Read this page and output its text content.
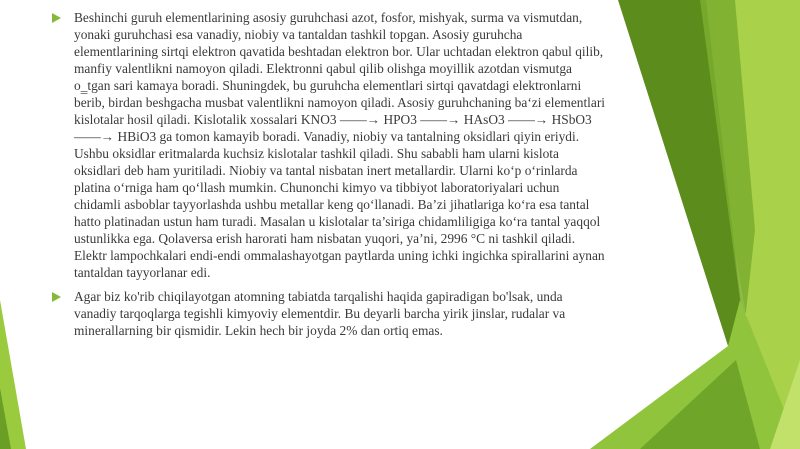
Beshinchi guruh elementlarining asosiy guruhchasi azot, fosfor, mishyak, surma va vismutdan, yonaki guruhchasi esa vanadiy, niobiy va tantaldan tashkil topgan. Asosiy guruhcha elementlarining sirtqi elektron qavatida beshtadan elektron bor. Ular uchtadan elektron qabul qilib, manfiy valentlikni namoyon qiladi. Elektronni qabul qilib olishga moyillik azotdan vismutga o‗tgan sari kamaya boradi. Shuningdek, bu guruhcha elementlari sirtqi qavatdagi elektronlarni berib, birdan beshgacha musbat valentlikni namoyon qiladi. Asosiy guruhchaning ba‘zi elementlari kislotalar hosil qiladi. Kislotalik xossalari KNO3 ——→ HPO3 ——→ HAsO3 ——→ HSbO3 ——→ HBiO3 ga tomon kamayib boradi. Vanadiy, niobiy va tantalning oksidlari qiyin eriydi. Ushbu oksidlar eritmalarda kuchsiz kislotalar tashkil qiladi. Shu sababli ham ularni kislota oksidlari deb ham yuritiladi. Niobiy va tantal nisbatan inert metallardir. Ularni ko‘p o‘rinlarda platina o‘rniga ham qo‘llash mumkin. Chunonchi kimyo va tibbiyot laboratoriyalari uchun chidamli asboblar tayyorlashda ushbu metallar keng qo‘llanadi. Ba’zi jihatlariga ko‘ra esa tantal hatto platinadan ustun ham turadi. Masalan u kislotalar ta’siriga chidamliligiga ko‘ra tantal yaqqol ustunlikka ega. Qolaversa erish harorati ham nisbatan yuqori, ya’ni, 2996 °C ni tashkil qiladi. Elektr lampochkalari endi-endi ommalashayotgan paytlarda uning ichki ingichka spirallarini aynan tantaldan tayyorlanar edi.
Agar biz ko'rib chiqilayotgan atomning tabiatda tarqalishi haqida gapiradigan bo'lsak, unda vanadiy tarqoqlarga tegishli kimyoviy elementdir. Bu deyarli barcha yirik jinslar, rudalar va minerallarning bir qismidir. Lekin hech bir joyda 2% dan ortiq emas.
